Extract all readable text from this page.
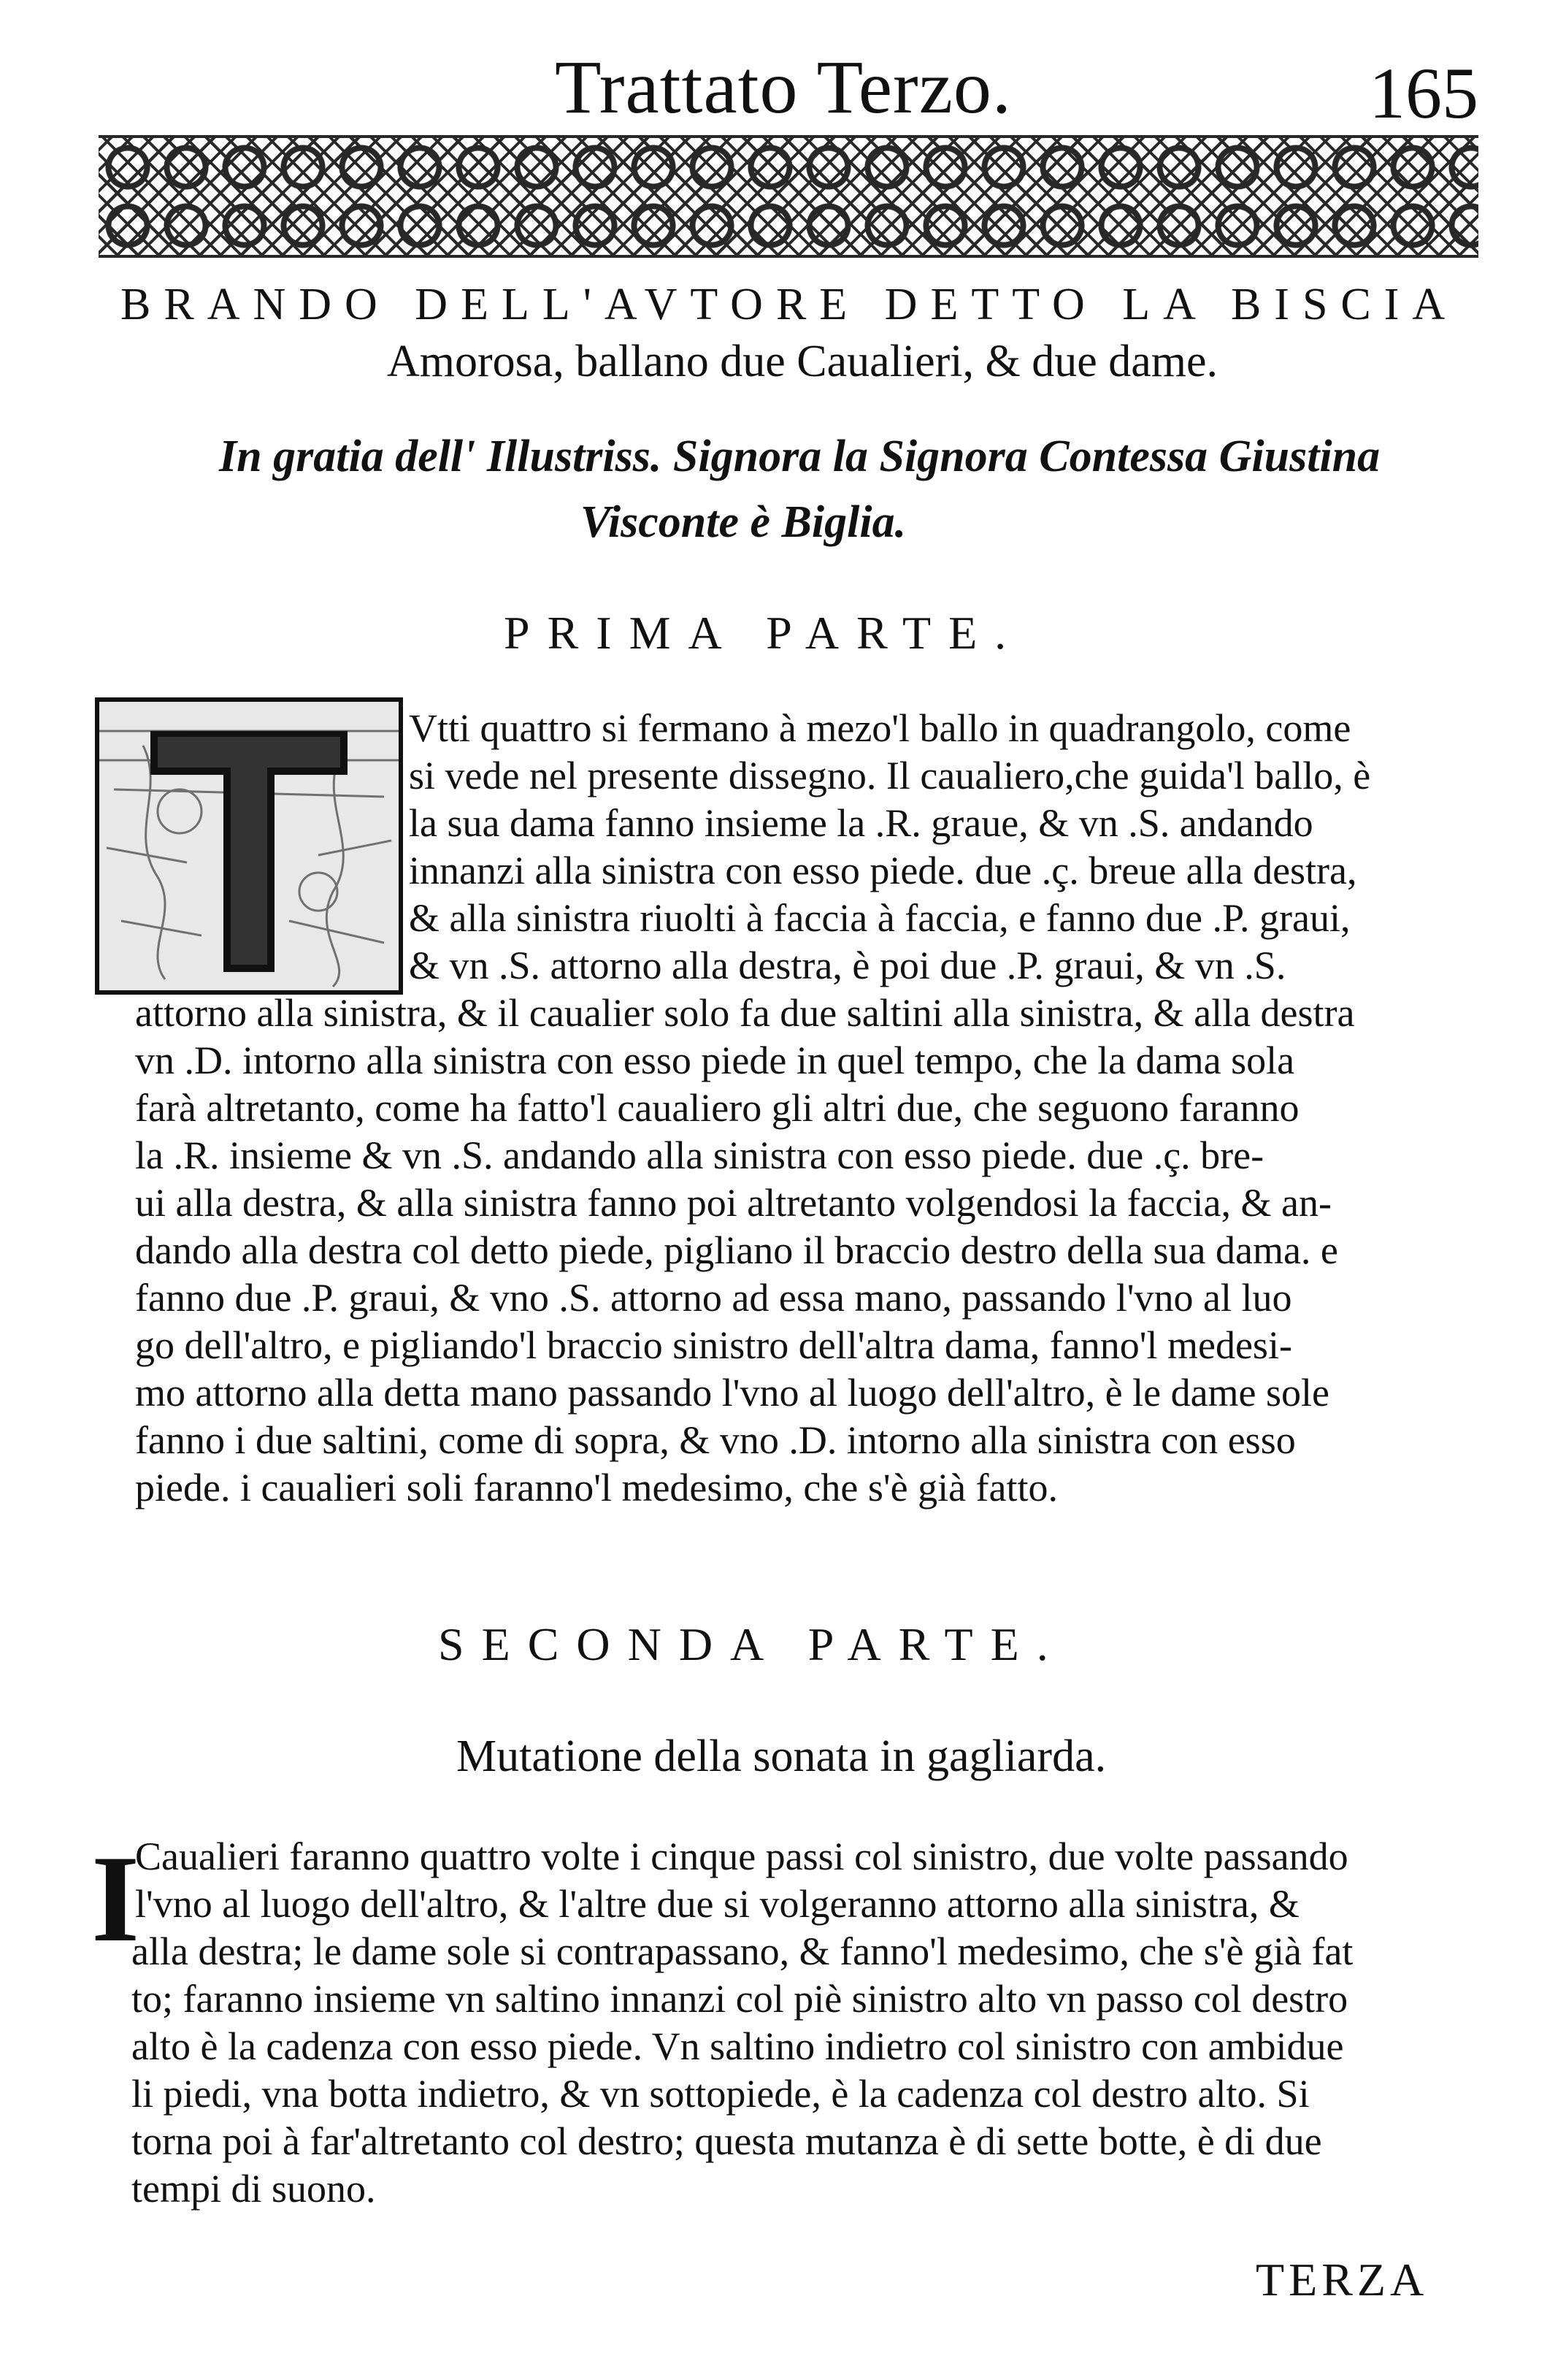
Trattato Terzo.	165
BRANDO DELL'AVTORE DETTO LA BISCIA
Amorosa, ballano due Caualieri, & due dame.
In gratia dell' Illustriss. Signora la Signora Contessa Giustina
Visconte è Biglia.
PRIMA PARTE.
Vtti quattro si fermano à mezo'l ballo in quadrangolo, come
si vede nel presente dissegno. Il caualiero,che guida'l ballo, è
la sua dama fanno insieme la .R. graue, & vn .S. andando
innanzi alla sinistra con esso piede. due .ç. breue alla destra,
& alla sinistra riuolti à faccia à faccia, e fanno due .P. graui,
& vn .S. attorno alla destra, è poi due .P. graui, & vn .S.
attorno alla sinistra, & il caualier solo fa due saltini alla sinistra, & alla destra
vn .D. intorno alla sinistra con esso piede in quel tempo, che la dama sola
farà altretanto, come ha fatto'l caualiero gli altri due, che seguono faranno
la .R. insieme & vn .S. andando alla sinistra con esso piede. due .ç. bre-
ui alla destra, & alla sinistra fanno poi altretanto volgendosi la faccia, & an-
dando alla destra col detto piede, pigliano il braccio destro della sua dama. e
fanno due .P. graui, & vno .S. attorno ad essa mano, passando l'vno al luo
go dell'altro, e pigliando'l braccio sinistro dell'altra dama, fanno'l medesi-
mo attorno alla detta mano passando l'vno al luogo dell'altro, è le dame sole
fanno i due saltini, come di sopra, & vno .D. intorno alla sinistra con esso
piede. i caualieri soli faranno'l medesimo, che s'è già fatto.
SECONDA PARTE.
Mutatione della sonata in gagliarda.
I
Caualieri faranno quattro volte i cinque passi col sinistro, due volte passando
l'vno al luogo dell'altro, & l'altre due si volgeranno attorno alla sinistra, &
alla destra; le dame sole si contrapassano, & fanno'l medesimo, che s'è già fat
to; faranno insieme vn saltino innanzi col piè sinistro alto vn passo col destro
alto è la cadenza con esso piede. Vn saltino indietro col sinistro con ambidue
li piedi, vna botta indietro, & vn sottopiede, è la cadenza col destro alto. Si
torna poi à far'altretanto col destro; questa mutanza è di sette botte, è di due
tempi di suono.
TERZA
